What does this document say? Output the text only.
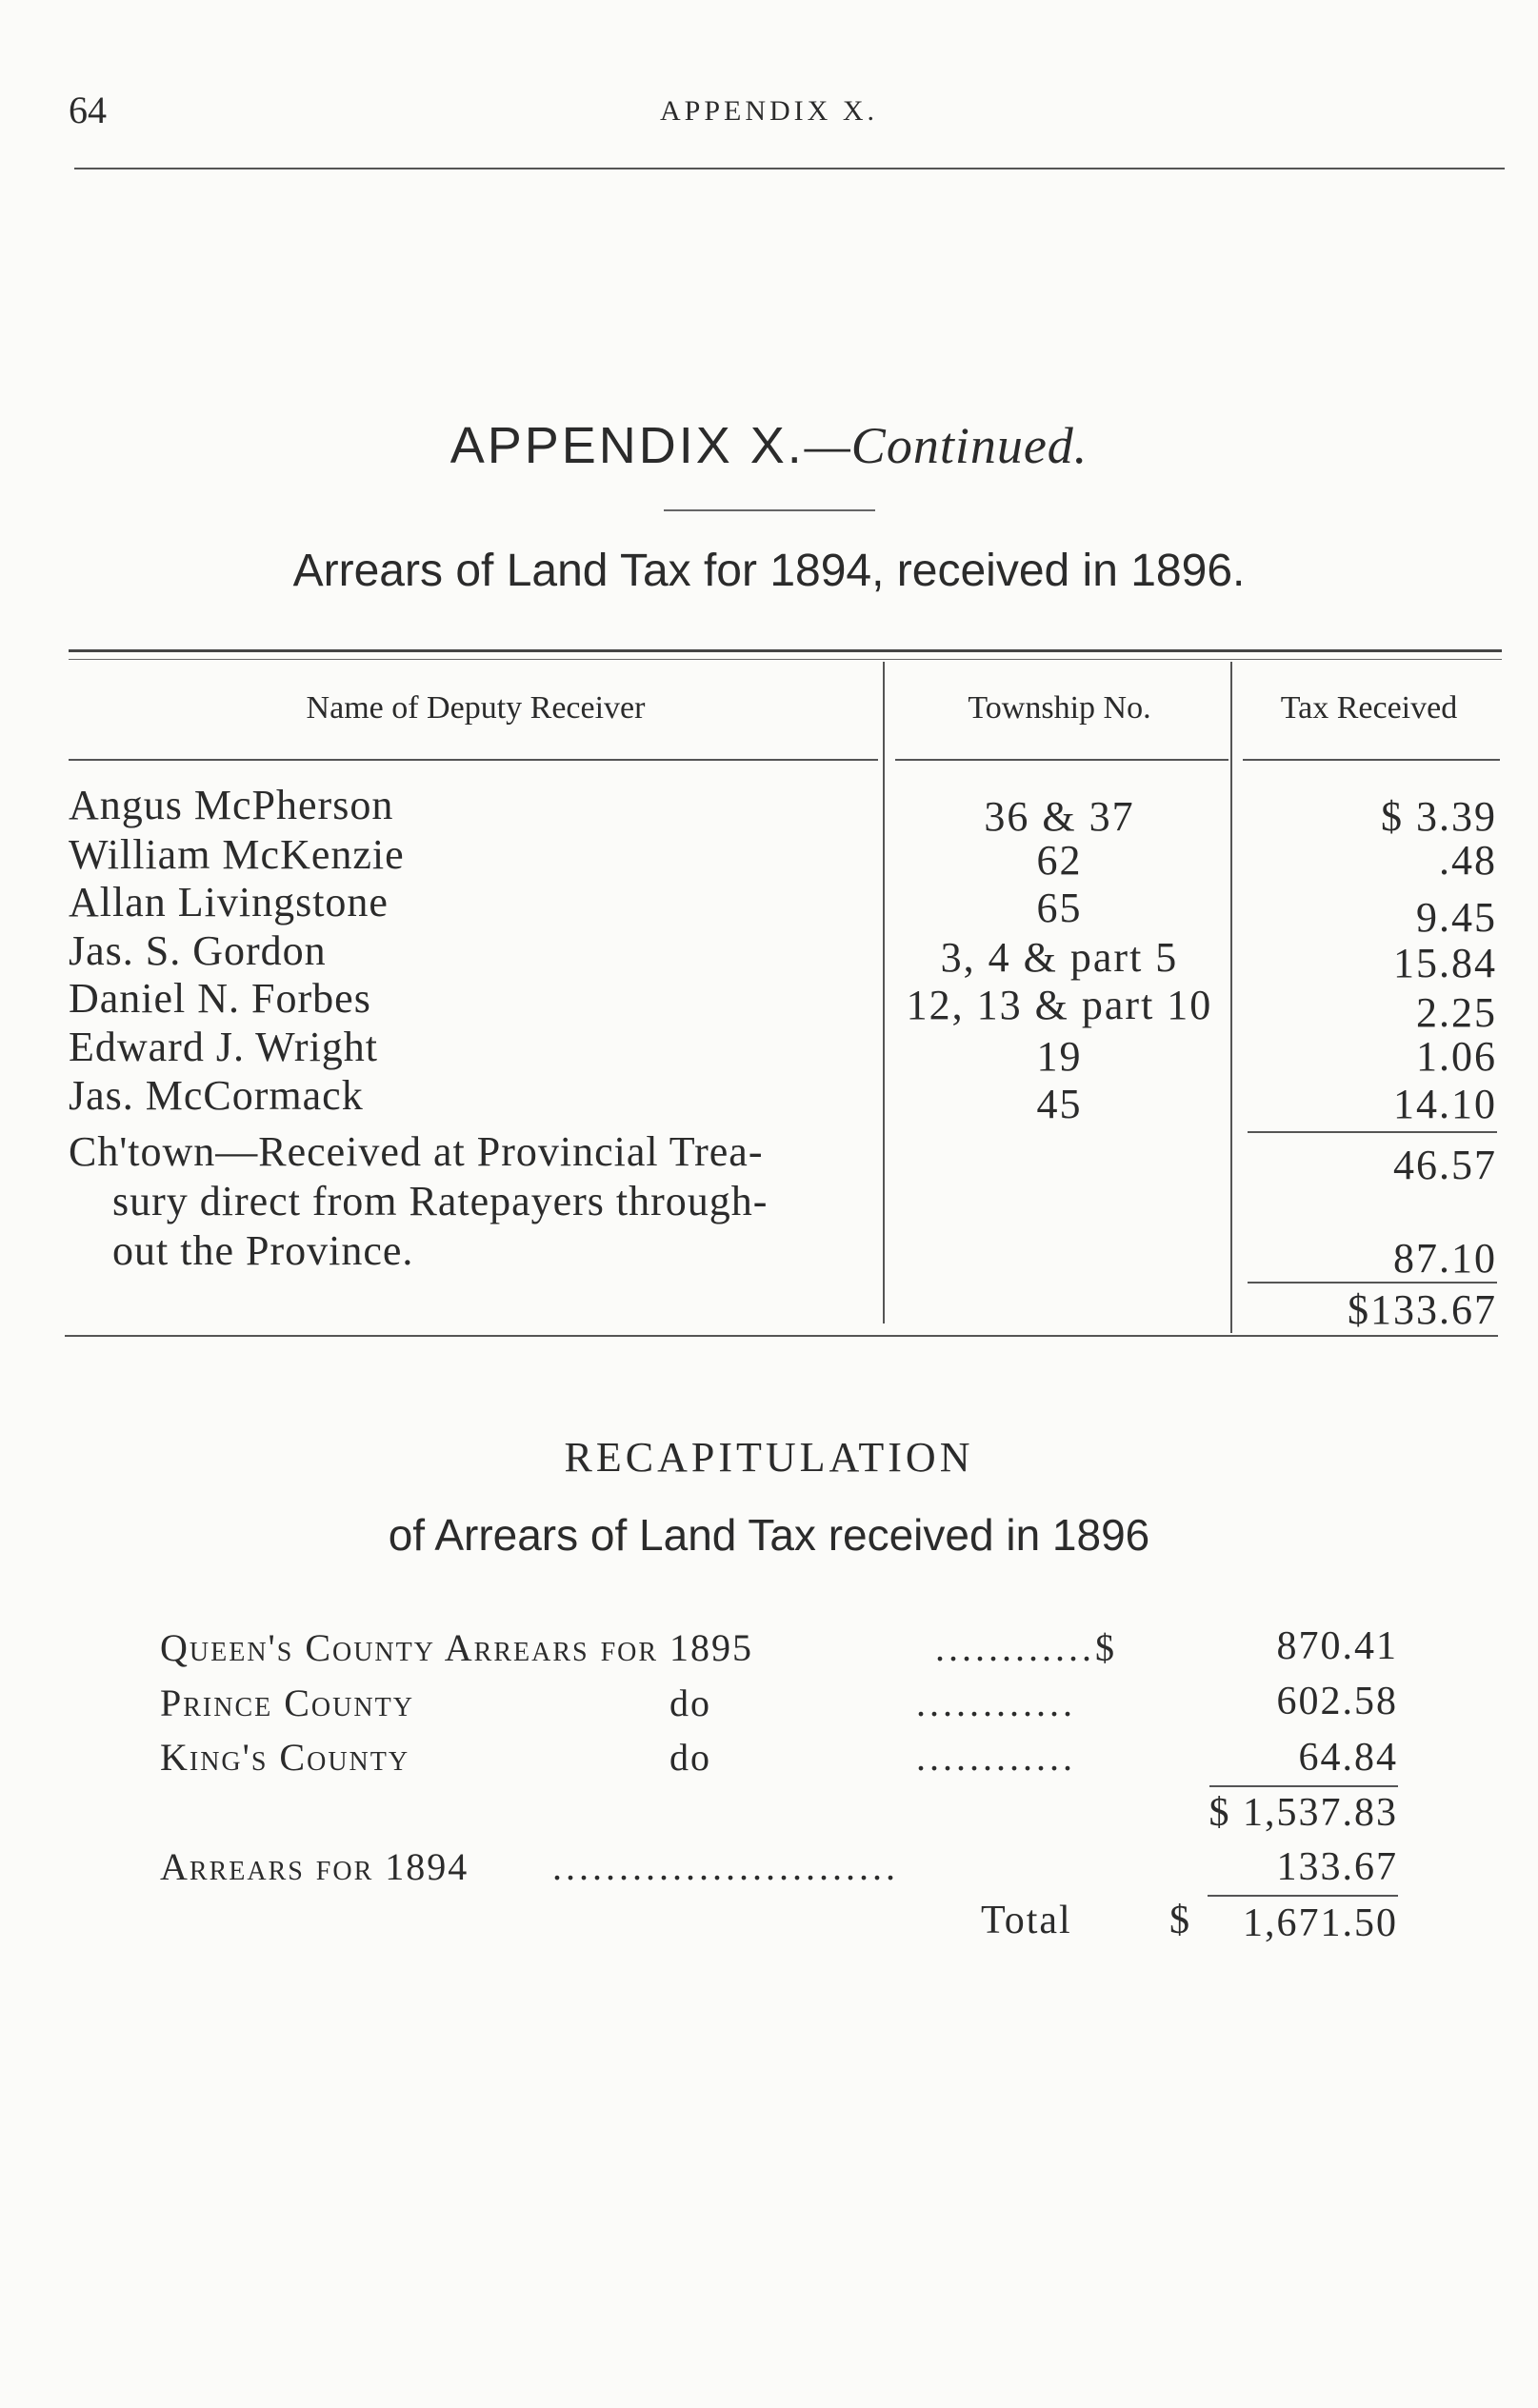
64	APPENDIX X.
APPENDIX X.—Continued.
Arrears of Land Tax for 1894, received in 1896.
Name of Deputy Receiver	Township No.	Tax Received
Angus McPherson	36 & 37	$ 3.39
William McKenzie	62	.48
Allan Livingstone	65	9.45
Jas. S. Gordon	3, 4 & part 5	15.84
Daniel N. Forbes	12, 13 & part 10	2.25
Edward J. Wright	19	1.06
Jas. McCormack	45	14.10
46.57
Ch'town—Received at Provincial Trea-
sury direct from Ratepayers through-
out the Province.	87.10
$133.67
RECAPITULATION
of Arrears of Land Tax received in 1896
Queen's County Arrears for 1895	............$	870.41
Prince County	do	............	602.58
King's County	do	............	64.84
$ 1,537.83
Arrears for 1894 ..........................	133.67
Total $	1,671.50
